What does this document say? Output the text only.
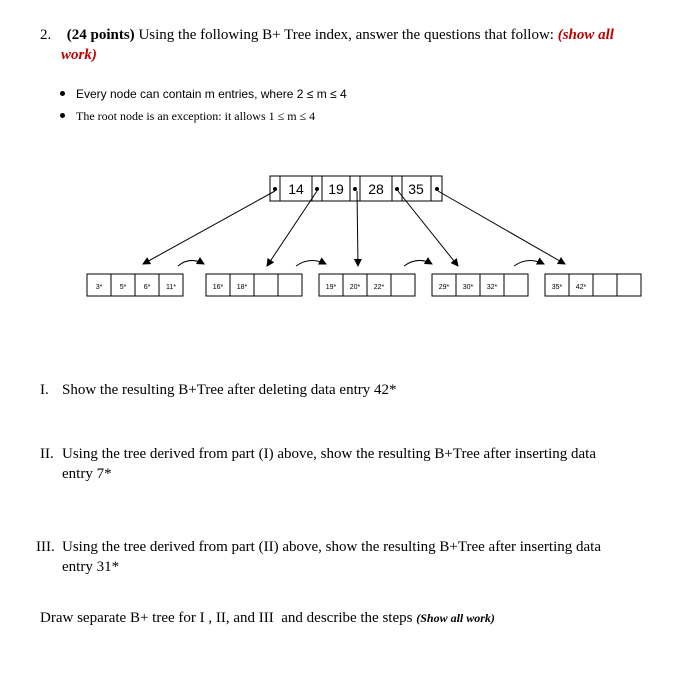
2. (24 points) Using the following B+ Tree index, answer the questions that follow: (show all
work)
Every node can contain m entries, where 2 ≤ m ≤ 4
The root node is an exception: it allows 1 ≤ m ≤ 4
14 19 28 35
3* 5* 6* 11*	16* 18*	19* 20* 22*	29* 30* 32*	35* 42*
I. Show the resulting B+Tree after deleting data entry 42*
II. Using the tree derived from part (I) above, show the resulting B+Tree after inserting data
entry 7*
III. Using the tree derived from part (II) above, show the resulting B+Tree after inserting data
entry 31*
Draw separate B+ tree for I , II, and III  and describe the steps (Show all work)
